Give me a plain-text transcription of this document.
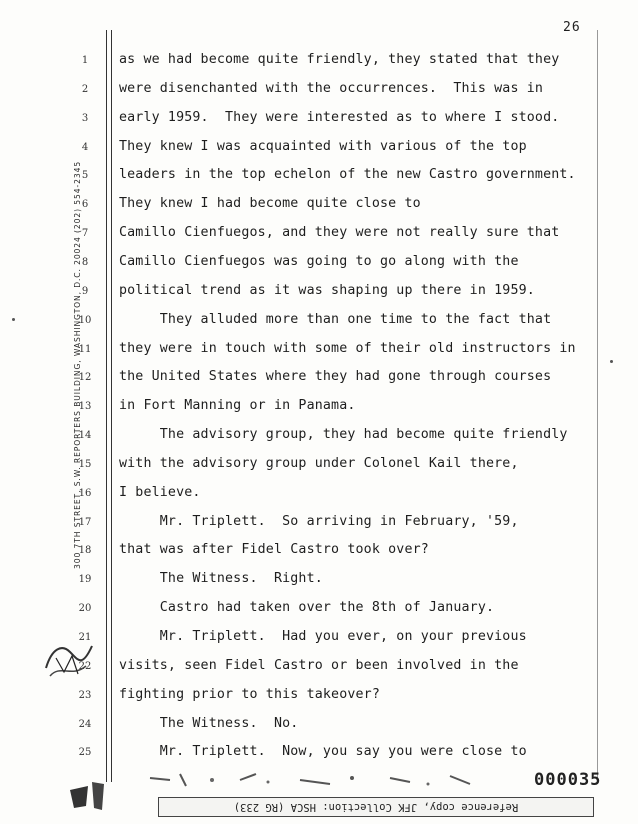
26
300 7TH STREET, S.W. REPORTERS BUILDING, WASHINGTON, D.C. 20024 (202) 554-2345
1	as we had become quite friendly, they stated that they
2	were disenchanted with the occurrences.  This was in
3	early 1959.  They were interested as to where I stood.
4	They knew I was acquainted with various of the top
5	leaders in the top echelon of the new Castro government.
6	They knew I had become quite close to
7	Camillo Cienfuegos, and they were not really sure that
8	Camillo Cienfuegos was going to go along with the
9	political trend as it was shaping up there in 1959.
10	They alluded more than one time to the fact that
11	they were in touch with some of their old instructors in
12	the United States where they had gone through courses
13	in Fort Manning or in Panama.
14	The advisory group, they had become quite friendly
15	with the advisory group under Colonel Kail there,
16	I believe.
17	Mr. Triplett.  So arriving in February, '59,
18	that was after Fidel Castro took over?
19	The Witness.  Right.
20	Castro had taken over the 8th of January.
21	Mr. Triplett.  Had you ever, on your previous
22	visits, seen Fidel Castro or been involved in the
23	fighting prior to this takeover?
24	The Witness.  No.
25	Mr. Triplett.  Now, you say you were close to
000035
Reference copy, JFK Collection: HSCA (RG 233)
